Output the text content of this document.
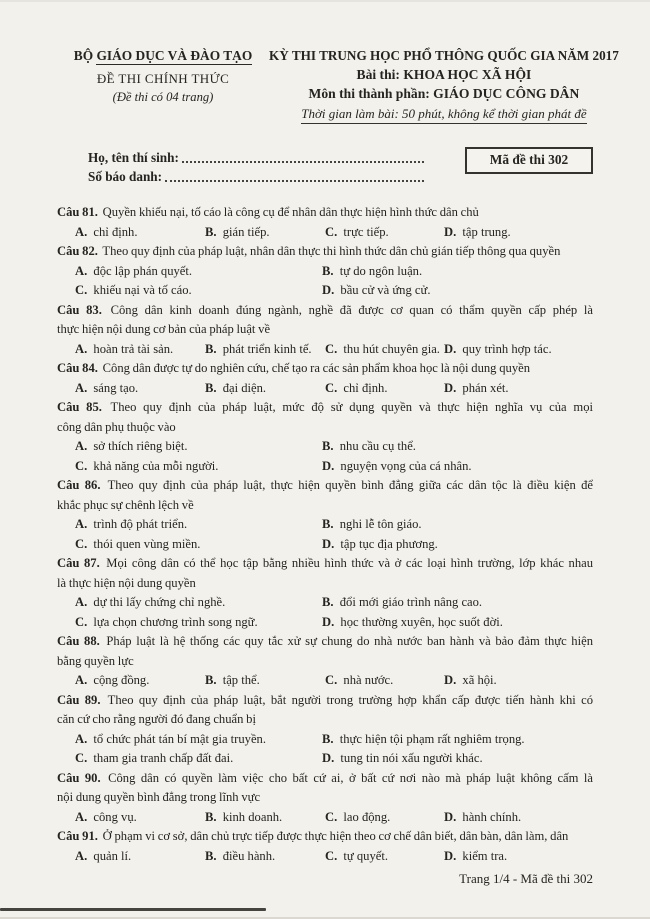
BỘ GIÁO DỤC VÀ ĐÀO TẠO
ĐỀ THI CHÍNH THỨC
(Đề thi có 04 trang)
KỲ THI TRUNG HỌC PHỔ THÔNG QUỐC GIA NĂM 2017
Bài thi: KHOA HỌC XÃ HỘI
Môn thi thành phần: GIÁO DỤC CÔNG DÂN
Thời gian làm bài: 50 phút, không kể thời gian phát đề
Họ, tên thí sinh:
Số báo danh:
Mã đề thi 302

Câu 81. Quyền khiếu nại, tố cáo là công cụ để nhân dân thực hiện hình thức dân chủ

A. chỉ định.	B. gián tiếp.	C. trực tiếp.	D. tập trung.

Câu 82. Theo quy định của pháp luật, nhân dân thực thi hình thức dân chủ gián tiếp thông qua quyền

A. độc lập phán quyết.	B. tự do ngôn luận.
C. khiếu nại và tố cáo.	D. bầu cử và ứng cử.

Câu 83. Công dân kinh doanh đúng ngành, nghề đã được cơ quan có thẩm quyền cấp phép là

thực hiện nội dung cơ bản của pháp luật về

A. hoàn trả tài sản.	B. phát triển kinh tế.	C. thu hút chuyên gia. D. quy trình hợp tác.

Câu 84. Công dân được tự do nghiên cứu, chế tạo ra các sản phẩm khoa học là nội dung quyền

A. sáng tạo.	B. đại diện.	C. chỉ định.	D. phán xét.

Câu 85. Theo quy định của pháp luật, mức độ sử dụng quyền và thực hiện nghĩa vụ của mọi

công dân phụ thuộc vào

A. sở thích riêng biệt.	B. nhu cầu cụ thể.
C. khả năng của mỗi người.	D. nguyện vọng của cá nhân.

Câu 86. Theo quy định của pháp luật, thực hiện quyền bình đẳng giữa các dân tộc là điều kiện để

khắc phục sự chênh lệch về

A. trình độ phát triển.	B. nghi lễ tôn giáo.
C. thói quen vùng miền.	D. tập tục địa phương.

Câu 87. Mọi công dân có thể học tập bằng nhiều hình thức và ở các loại hình trường, lớp khác nhau

là thực hiện nội dung quyền

A. dự thi lấy chứng chỉ nghề.	B. đổi mới giáo trình nâng cao.
C. lựa chọn chương trình song ngữ.	D. học thường xuyên, học suốt đời.

Câu 88. Pháp luật là hệ thống các quy tắc xử sự chung do nhà nước ban hành và bảo đảm thực hiện

bằng quyền lực

A. cộng đồng.	B. tập thể.	C. nhà nước.	D. xã hội.

Câu 89. Theo quy định của pháp luật, bắt người trong trường hợp khẩn cấp được tiến hành khi có

căn cứ cho rằng người đó đang chuẩn bị

A. tổ chức phát tán bí mật gia truyền.	B. thực hiện tội phạm rất nghiêm trọng.
C. tham gia tranh chấp đất đai.	D. tung tin nói xấu người khác.

Câu 90. Công dân có quyền làm việc cho bất cứ ai, ở bất cứ nơi nào mà pháp luật không cấm là

nội dung quyền bình đẳng trong lĩnh vực

A. công vụ.	B. kinh doanh.	C. lao động.	D. hành chính.

Câu 91. Ở phạm vi cơ sở, dân chủ trực tiếp được thực hiện theo cơ chế dân biết, dân bàn, dân làm, dân

A. quản lí.	B. điều hành.	C. tự quyết.	D. kiểm tra.
Trang 1/4 - Mã đề thi 302
